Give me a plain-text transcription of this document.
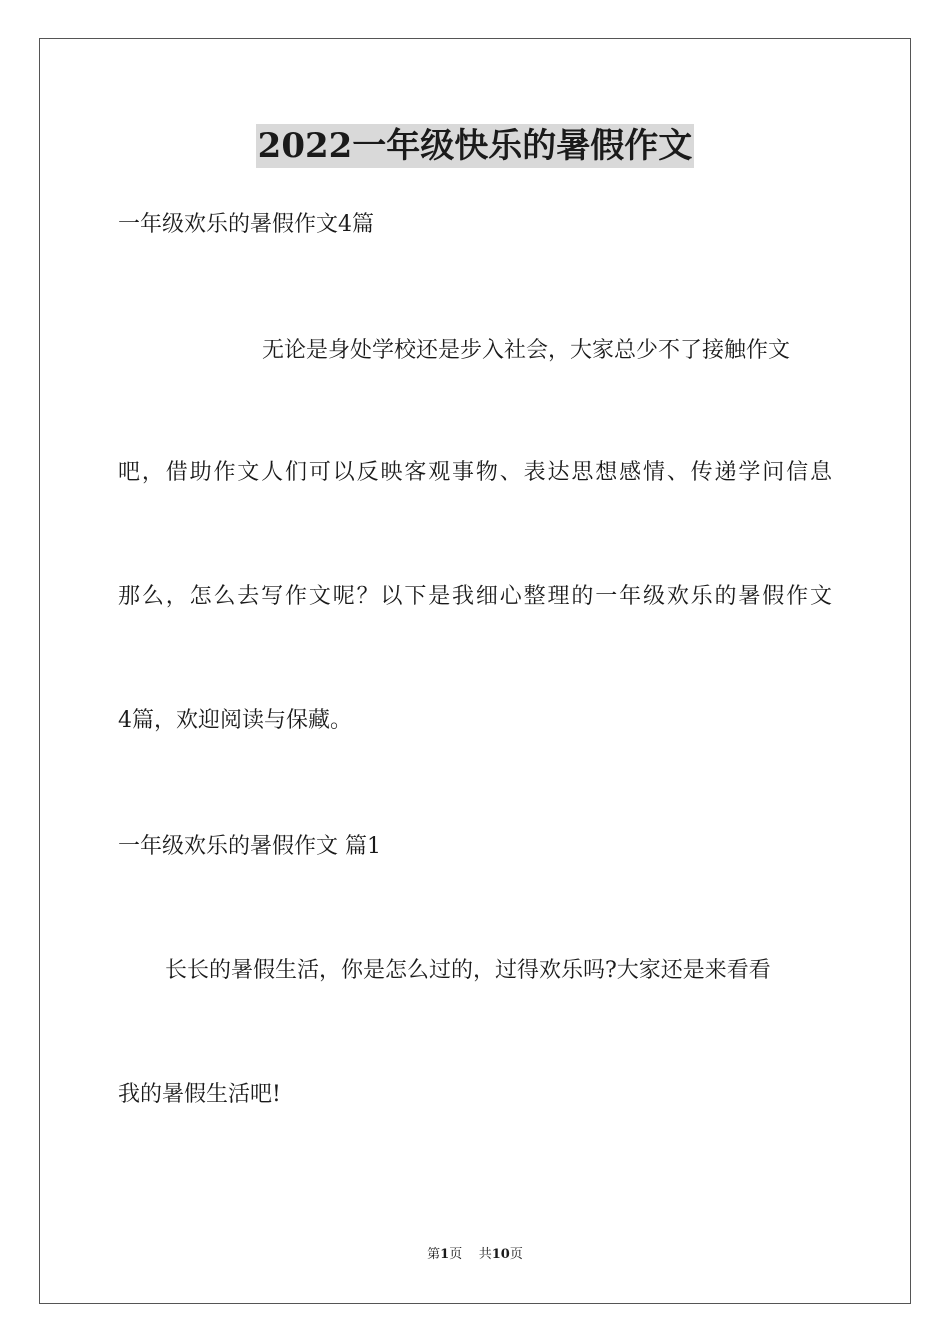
2022一年级快乐的暑假作文
一年级欢乐的暑假作文4篇
无论是身处学校还是步入社会，大家总少不了接触作文
吧，借助作文人们可以反映客观事物、表达思想感情、传递学问信息
那么，怎么去写作文呢？以下是我细心整理的一年级欢乐的暑假作文
4篇，欢迎阅读与保藏。
一年级欢乐的暑假作文 篇1
长长的暑假生活，你是怎么过的，过得欢乐吗?大家还是来看看
我的暑假生活吧!
第1页 共10页
